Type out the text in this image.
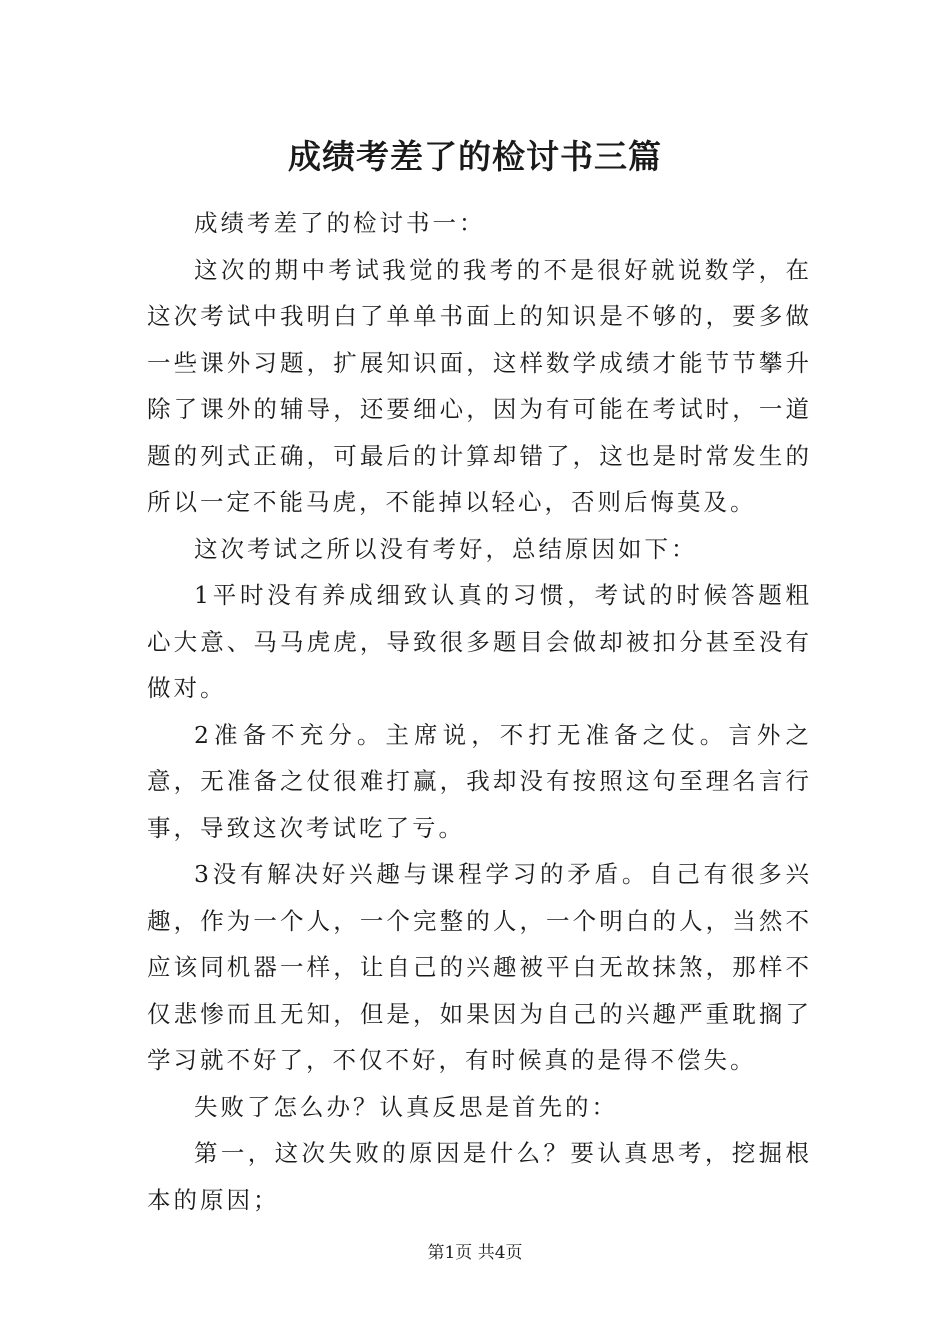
成绩考差了的检讨书三篇

成绩考差了的检讨书一：

这次的期中考试我觉的我考的不是很好就说数学，在这次考试中我明白了单单书面上的知识是不够的，要多做一些课外习题，扩展知识面，这样数学成绩才能节节攀升除了课外的辅导，还要细心，因为有可能在考试时，一道题的列式正确，可最后的计算却错了，这也是时常发生的所以一定不能马虎，不能掉以轻心，否则后悔莫及。

这次考试之所以没有考好，总结原因如下：

1平时没有养成细致认真的习惯，考试的时候答题粗心大意、马马虎虎，导致很多题目会做却被扣分甚至没有做对。

2准备不充分。主席说，不打无准备之仗。言外之意，无准备之仗很难打赢，我却没有按照这句至理名言行事，导致这次考试吃了亏。

3没有解决好兴趣与课程学习的矛盾。自己有很多兴趣，作为一个人，一个完整的人，一个明白的人，当然不应该同机器一样，让自己的兴趣被平白无故抹煞，那样不仅悲惨而且无知，但是，如果因为自己的兴趣严重耽搁了学习就不好了，不仅不好，有时候真的是得不偿失。

失败了怎么办？认真反思是首先的：

第一，这次失败的原因是什么？要认真思考，挖掘根本的原因；

第1页 共4页
